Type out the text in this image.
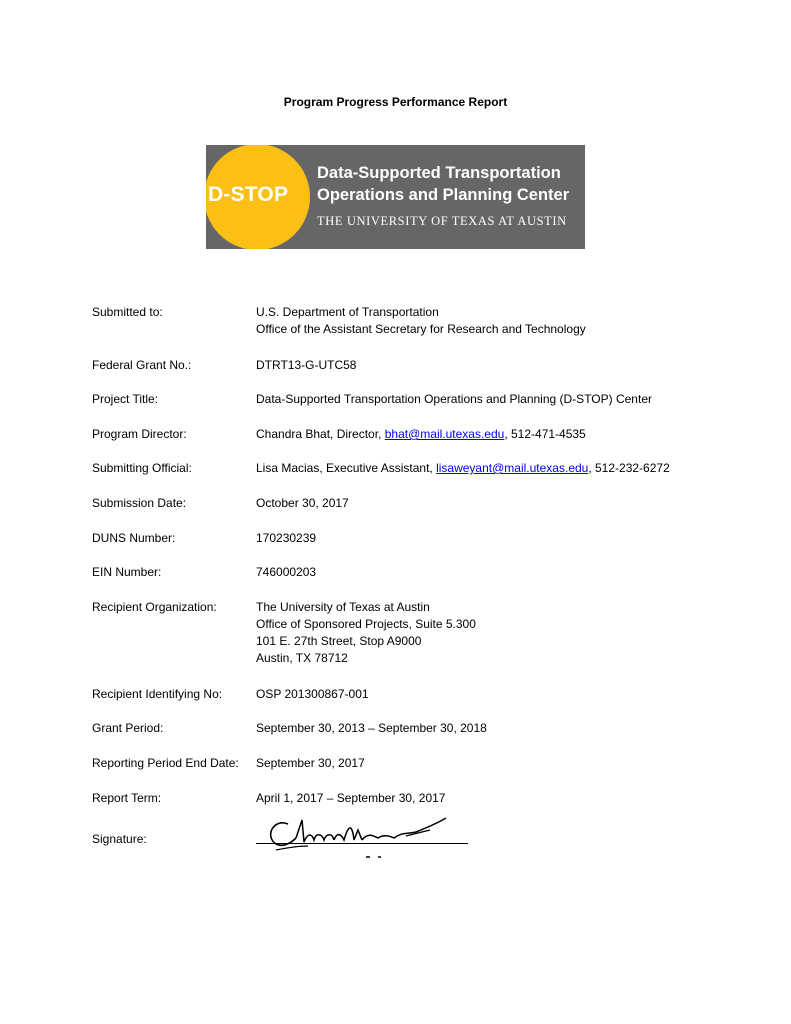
Program Progress Performance Report
D-STOP
Data-Supported Transportation
Operations and Planning Center
THE UNIVERSITY OF TEXAS AT AUSTIN
Submitted to:	U.S. Department of Transportation
Office of the Assistant Secretary for Research and Technology
Federal Grant No.:	DTRT13-G-UTC58
Project Title:	Data-Supported Transportation Operations and Planning (D-STOP) Center
Program Director:	Chandra Bhat, Director, bhat@mail.utexas.edu, 512-471-4535
Submitting Official:	Lisa Macias, Executive Assistant, lisaweyant@mail.utexas.edu, 512-232-6272
Submission Date:	October 30, 2017
DUNS Number:	170230239
EIN Number:	746000203
Recipient Organization:	The University of Texas at Austin
Office of Sponsored Projects, Suite 5.300
101 E. 27th Street, Stop A9000
Austin, TX 78712
Recipient Identifying No:	OSP 201300867-001
Grant Period:	September 30, 2013 – September 30, 2018
Reporting Period End Date:	September 30, 2017
Report Term:	April 1, 2017 – September 30, 2017
Signature:
